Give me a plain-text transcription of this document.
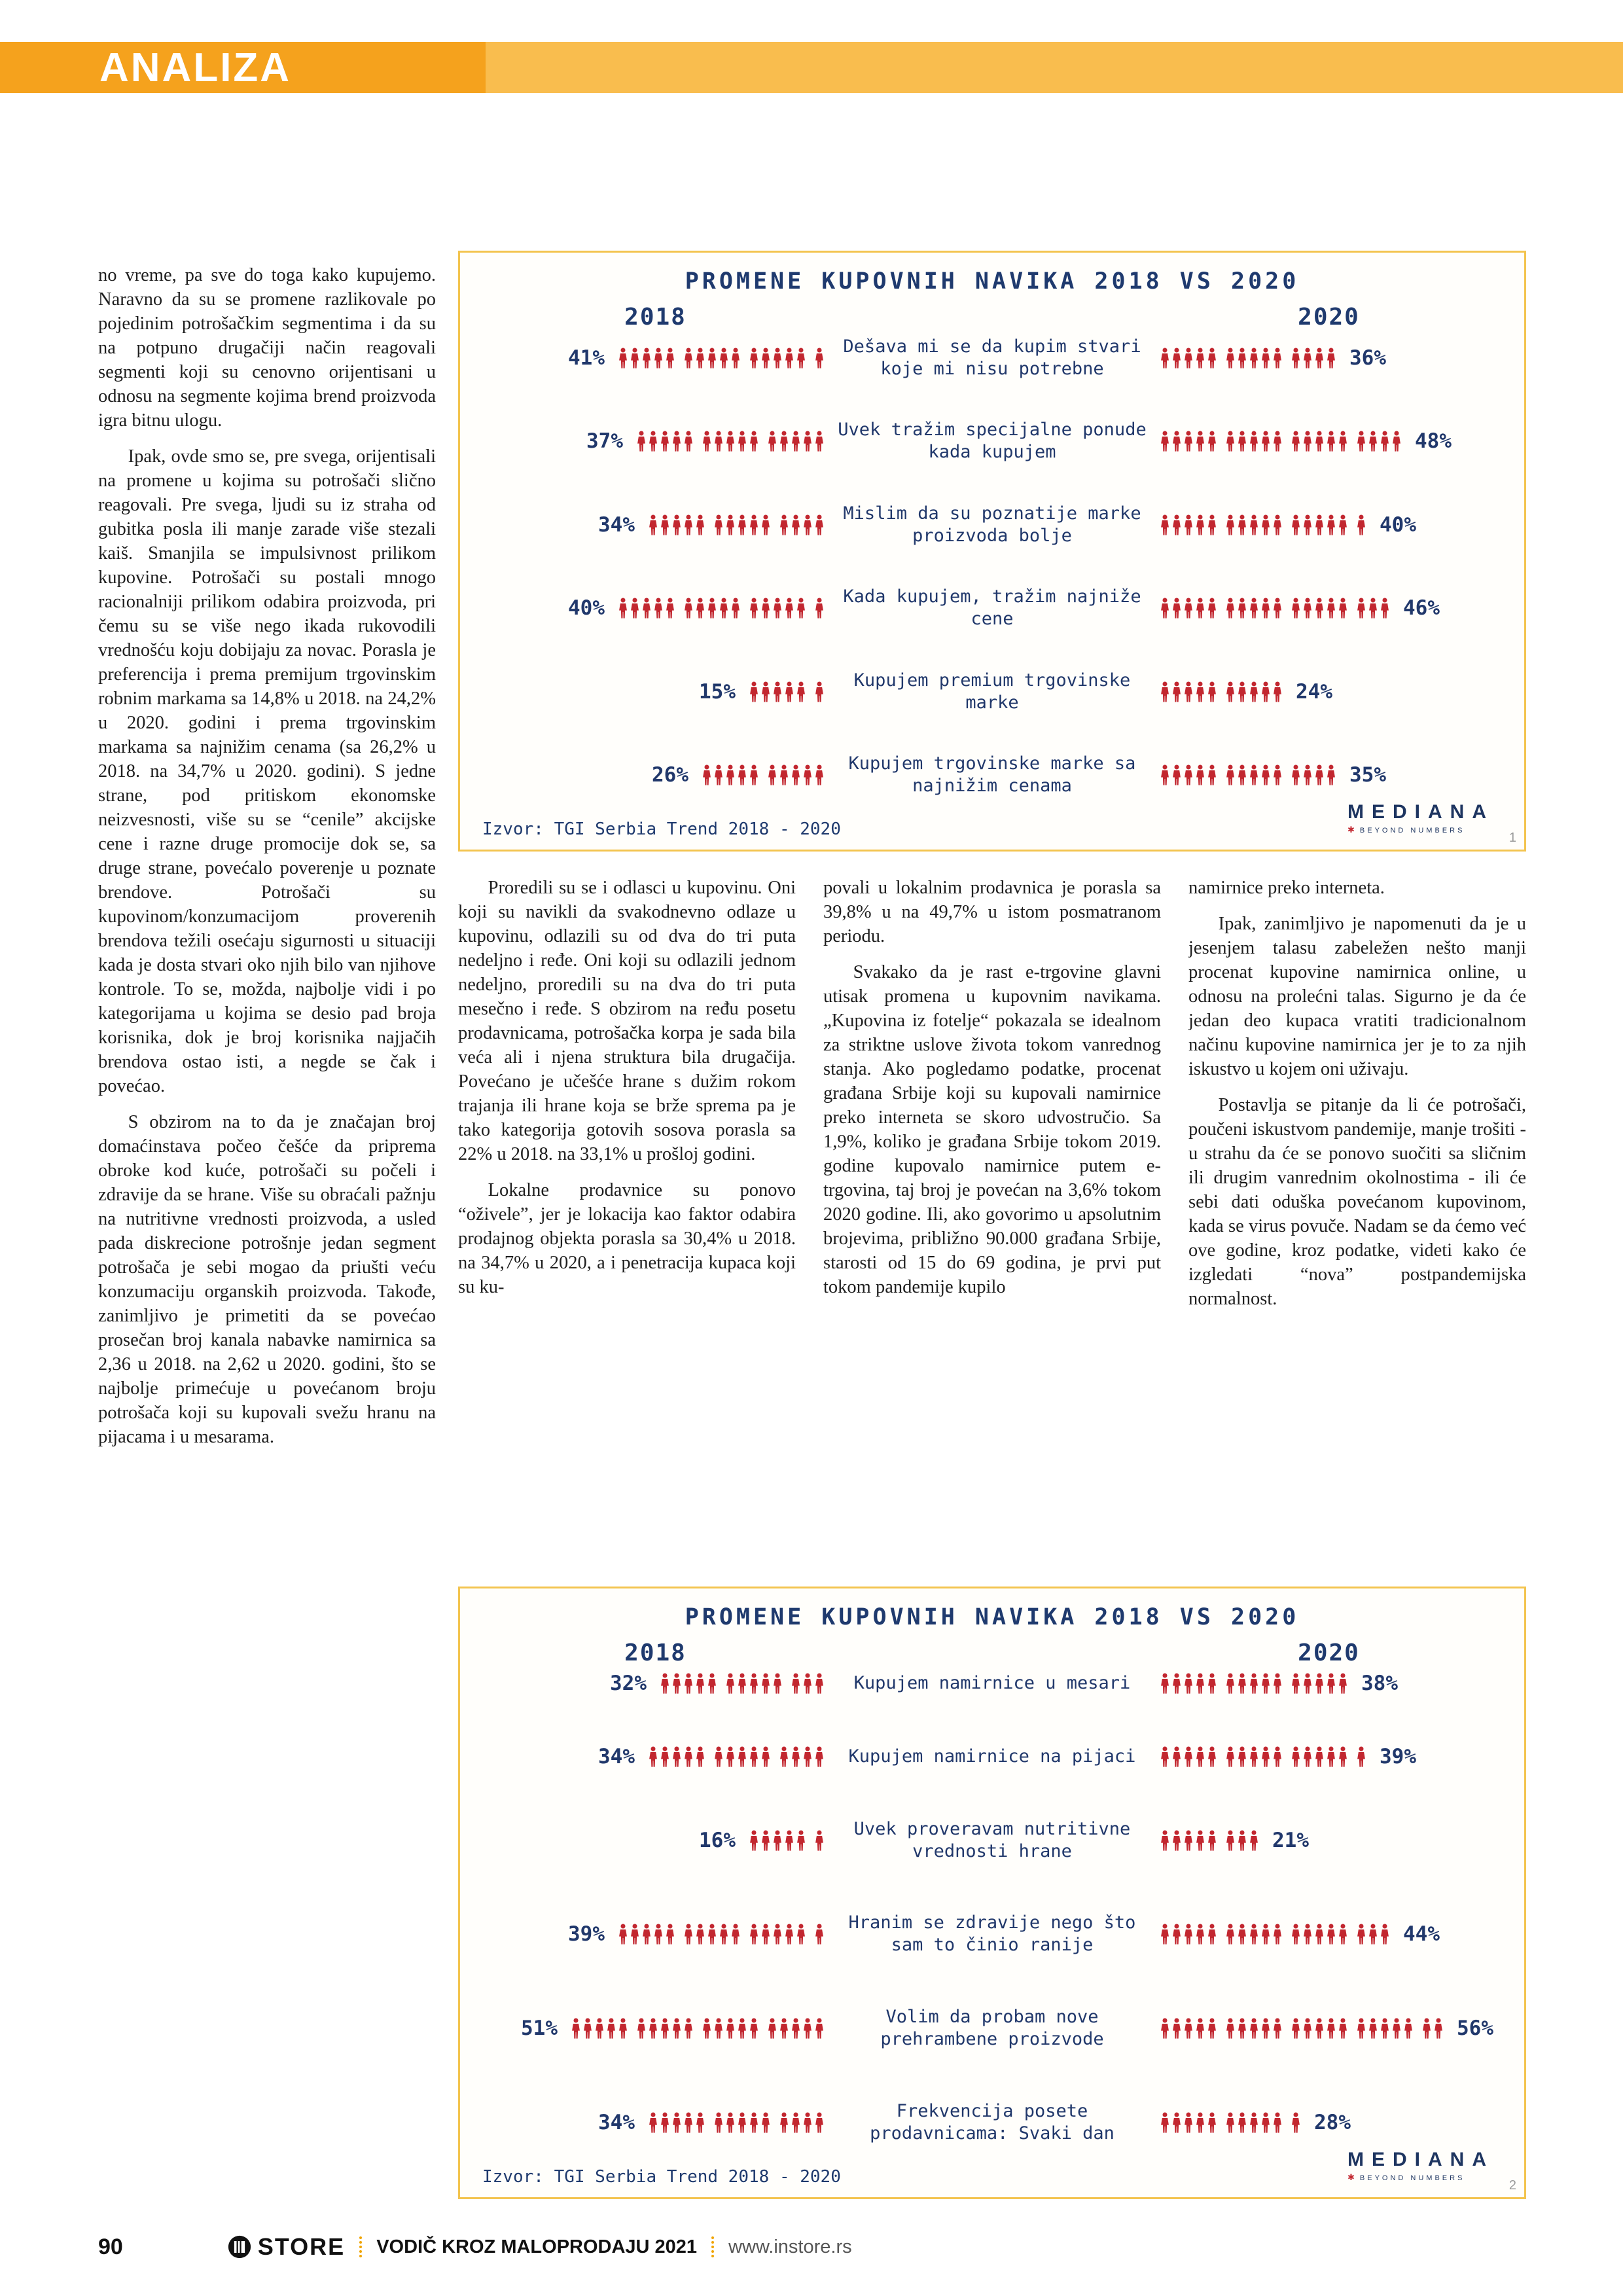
ANALIZA

no vreme, pa sve do toga kako kupujemo. Naravno da su se promene razlikovale po pojedinim potrošačkim segmentima i da su na potpuno drugačiji način reagovali segmenti koji su cenovno orijentisani u odnosu na segmente kojima brend proizvoda igra bitnu ulogu.

Ipak, ovde smo se, pre svega, orijentisali na promene u kojima su potrošači slično reagovali. Pre svega, ljudi su iz straha od gubitka posla ili manje zarade više stezali kaiš. Smanjila se impulsivnost prilikom kupovine. Potrošači su postali mnogo racionalniji prilikom odabira proizvoda, pri čemu su se više nego ikada rukovodili vrednošću koju dobijaju za novac. Porasla je preferencija i prema premijum trgovinskim robnim markama sa 14,8% u 2018. na 24,2% u 2020. godini i prema trgovinskim markama sa najnižim cenama (sa 26,2% u 2018. na 34,7% u 2020. godini). S jedne strane, pod pritiskom ekonomske neizvesnosti, više su se “cenile” akcijske cene i razne druge promocije dok se, sa druge strane, povećalo poverenje u poznate brendove. Potrošači su kupovinom/konzumacijom proverenih brendova težili osećaju sigurnosti u situaciji kada je dosta stvari oko njih bilo van njihove kontrole. To se, možda, najbolje vidi i po kategorijama u kojima se desio pad broja korisnika, dok je broj korisnika najjačih brendova ostao isti, a negde se čak i povećao.

S obzirom na to da je značajan broj domaćinstava počeo češće da priprema obroke kod kuće, potrošači su počeli i zdravije da se hrane. Više su obraćali pažnju na nutritivne vrednosti proizvoda, a usled pada diskrecione potrošnje jedan segment potrošača je sebi mogao da priušti veću konzumaciju organskih proizvoda. Takođe, zanimljivo je primetiti da se povećao prosečan broj kanala nabavke namirnica sa 2,36 u 2018. na 2,62 u 2020. godini, što se najbolje primećuje u povećanom broju potrošača koji su kupovali svežu hranu na pijacama i u mesarama.

PROMENE KUPOVNIH NAVIKA 2018 VS 2020
2018	2020
41%	Dešava mi se da kupim stvari koje mi nisu potrebne	36%
37%	Uvek tražim specijalne ponude kada kupujem	48%
34%	Mislim da su poznatije marke proizvoda bolje	40%
40%	Kada kupujem, tražim najniže cene	46%
15%	Kupujem premium trgovinske marke	24%
26%	Kupujem trgovinske marke sa najnižim cenama	35%
Izvor: TGI Serbia Trend 2018 - 2020
MEDIANA
✱ BEYOND NUMBERS	1

Proredili su se i odlasci u kupovinu. Oni koji su navikli da svakodnevno odlaze u kupovinu, odlazili su od dva do tri puta nedeljno i ređe. Oni koji su odlazili jednom nedeljno, proredili su na dva do tri puta mesečno i ređe. S obzirom na ređu posetu prodavnicama, potrošačka korpa je sada bila veća ali i njena struktura bila drugačija. Povećano je učešće hrane s dužim rokom trajanja ili hrane koja se brže sprema pa je tako kategorija gotovih sosova porasla sa 22% u 2018. na 33,1% u prošloj godini.

Lokalne prodavnice su ponovo “oživele”, jer je lokacija kao faktor odabira prodajnog objekta porasla sa 30,4% u 2018. na 34,7% u 2020, a i penetracija kupaca koji su ku-

povali u lokalnim prodavnica je porasla sa 39,8% u na 49,7% u istom posmatranom periodu.

Svakako da je rast e-trgovine glavni utisak promena u kupovnim navikama. „Kupovina iz fotelje“ pokazala se idealnom za striktne uslove života tokom vanrednog stanja. Ako pogledamo podatke, procenat građana Srbije koji su kupovali namirnice preko interneta se skoro udvostručio. Sa 1,9%, koliko je građana Srbije tokom 2019. godine kupovalo namirnice putem e-trgovina, taj broj je povećan na 3,6% tokom 2020 godine. Ili, ako govorimo u apsolutnim brojevima, približno 90.000 građana Srbije, starosti od 15 do 69 godina, je prvi put tokom pandemije kupilo

namirnice preko interneta.

Ipak, zanimljivo je napomenuti da je u jesenjem talasu zabeležen nešto manji procenat kupovine namirnica online, u odnosu na prolećni talas. Sigurno je da će jedan deo kupaca vratiti tradicionalnom načinu kupovine namirnica jer je to za njih iskustvo u kojem oni uživaju.

Postavlja se pitanje da li će potrošači, poučeni iskustvom pandemije, manje trošiti - u strahu da će se ponovo suočiti sa sličnim ili drugim vanrednim okolnostima - ili će sebi dati oduška povećanom kupovinom, kada se virus povuče. Nadam se da ćemo već ove godine, kroz podatke, videti kako će izgledati “nova” postpandemijska normalnost.

PROMENE KUPOVNIH NAVIKA 2018 VS 2020
2018	2020
32%	Kupujem namirnice u mesari	38%
34%	Kupujem namirnice na pijaci	39%
16%	Uvek proveravam nutritivne vrednosti hrane	21%
39%	Hranim se zdravije nego što sam to činio ranije	44%
51%	Volim da probam nove prehrambene proizvode	56%
34%	Frekvencija posete prodavnicama: Svaki dan	28%
Izvor: TGI Serbia Trend 2018 - 2020
MEDIANA
✱ BEYOND NUMBERS	2
90	STORE VODIČ KROZ MALOPRODAJU 2021 www.instore.rs
